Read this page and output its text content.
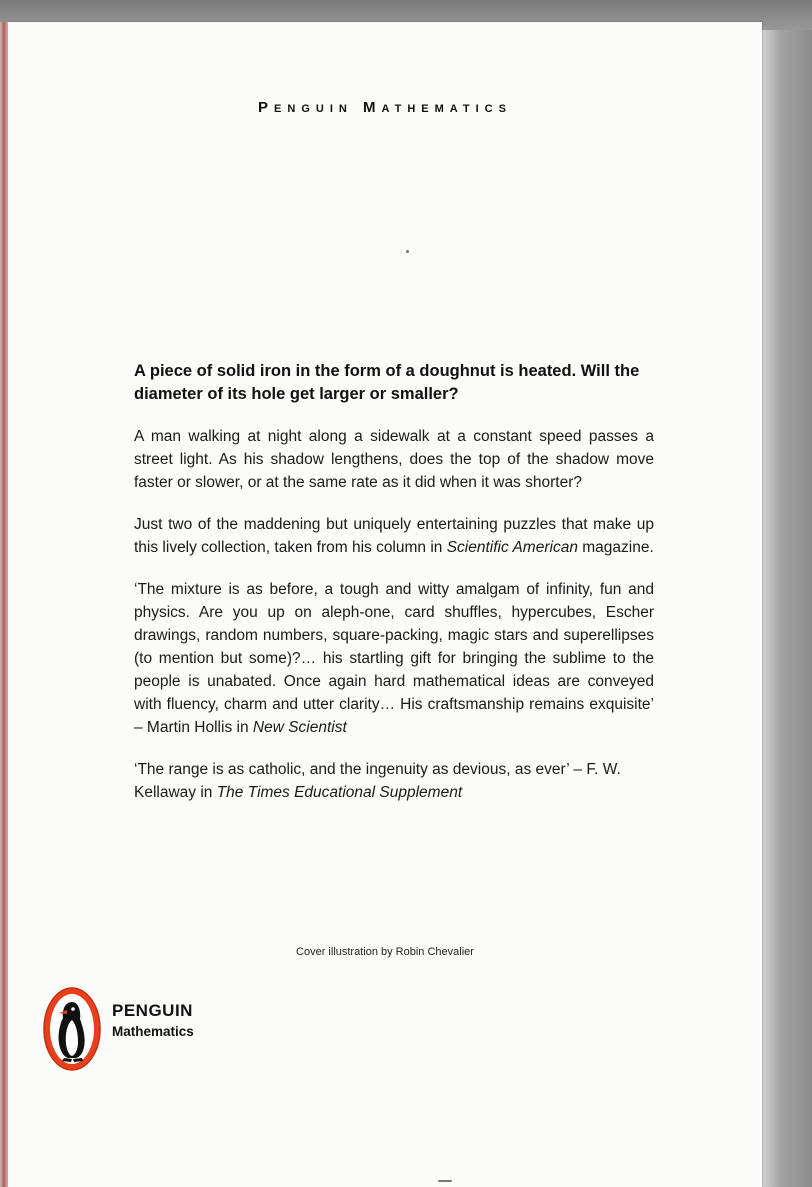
Penguin Mathematics

A piece of solid iron in the form of a doughnut is heated. Will the diameter of its hole get larger or smaller?

A man walking at night along a sidewalk at a constant speed passes a street light. As his shadow lengthens, does the top of the shadow move faster or slower, or at the same rate as it did when it was shorter?

Just two of the maddening but uniquely entertaining puzzles that make up this lively collection, taken from his column in Scientific American magazine.

‘The mixture is as before, a tough and witty amalgam of infinity, fun and physics. Are you up on aleph-one, card shuffles, hypercubes, Escher drawings, random numbers, square-packing, magic stars and superellipses (to mention but some)?… his startling gift for bringing the sublime to the people is unabated. Once again hard mathematical ideas are conveyed with fluency, charm and utter clarity… His craftsmanship remains exquisite’ – Martin Hollis in New Scientist

‘The range is as catholic, and the ingenuity as devious, as ever’ – F. W. Kellaway in The Times Educational Supplement

Cover illustration by Robin Chevalier
PENGUIN
Mathematics
